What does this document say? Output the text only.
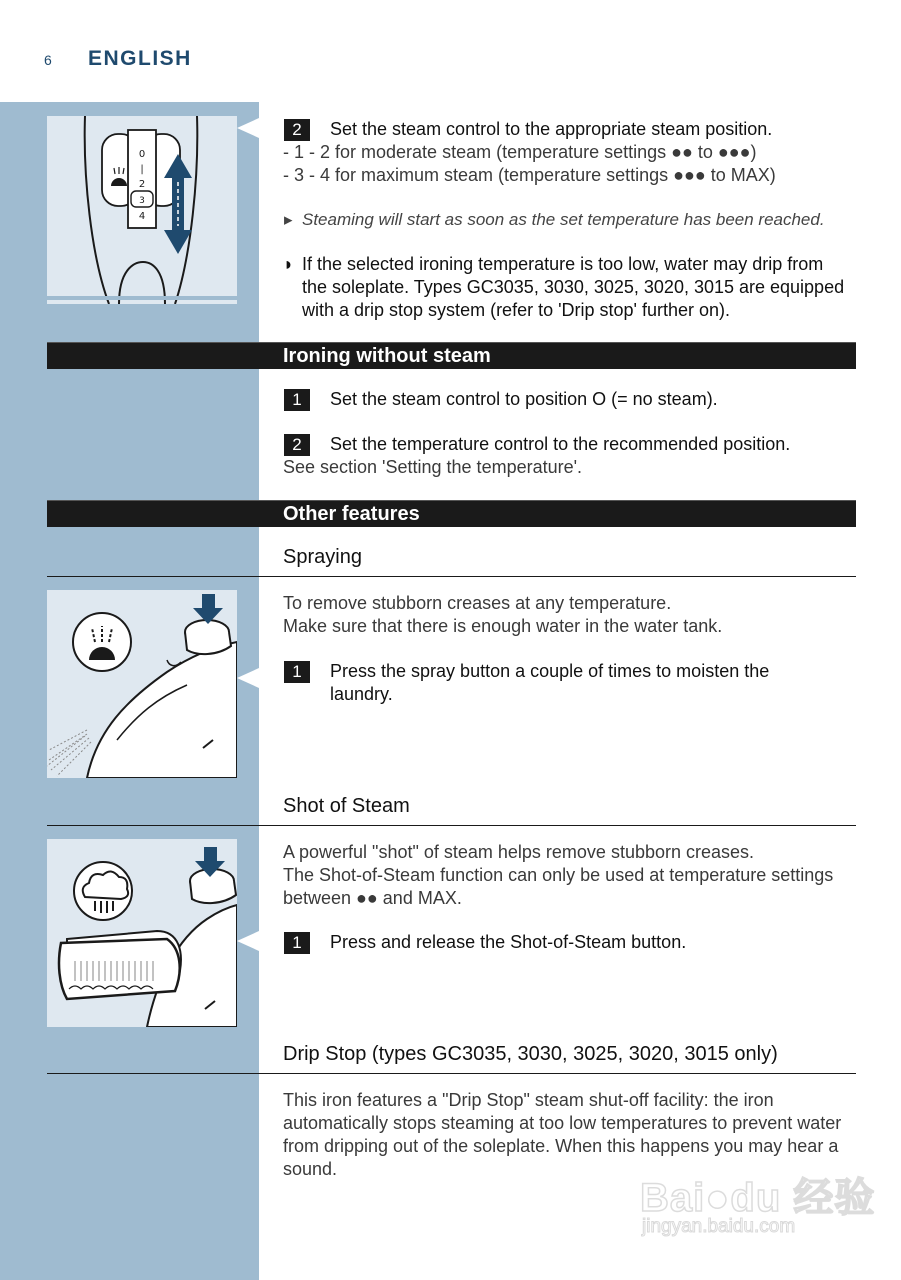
6 ENGLISH
0
|
2
3
4
2	Set the steam control to the appropriate steam position.
- 1 - 2 for moderate steam (temperature settings ●● to ●●●)
- 3 - 4 for maximum steam (temperature settings ●●● to MAX)
▸ Steaming will start as soon as the set temperature has been reached.
◗ If the selected ironing temperature is too low, water may drip from
the soleplate. Types GC3035, 3030, 3025, 3020, 3015 are equipped
with a drip stop system (refer to 'Drip stop' further on).
Ironing without steam
1	Set the steam control to position O (= no steam).
2	Set the temperature control to the recommended position.
See section 'Setting the temperature'.
Other features
Spraying
To remove stubborn creases at any temperature.
Make sure that there is enough water in the water tank.
1	Press the spray button a couple of times to moisten the
laundry.
Shot of Steam
A powerful "shot" of steam helps remove stubborn creases.
The Shot-of-Steam function can only be used at temperature settings
between ●● and MAX.
1	Press and release the Shot-of-Steam button.
Drip Stop (types GC3035, 3030, 3025, 3020, 3015 only)
This iron features a "Drip Stop" steam shut-off facility: the iron
automatically stops steaming at too low temperatures to prevent water
from dripping out of the soleplate. When this happens you may hear a
sound.
Bai●du 经验
jingyan.baidu.com
